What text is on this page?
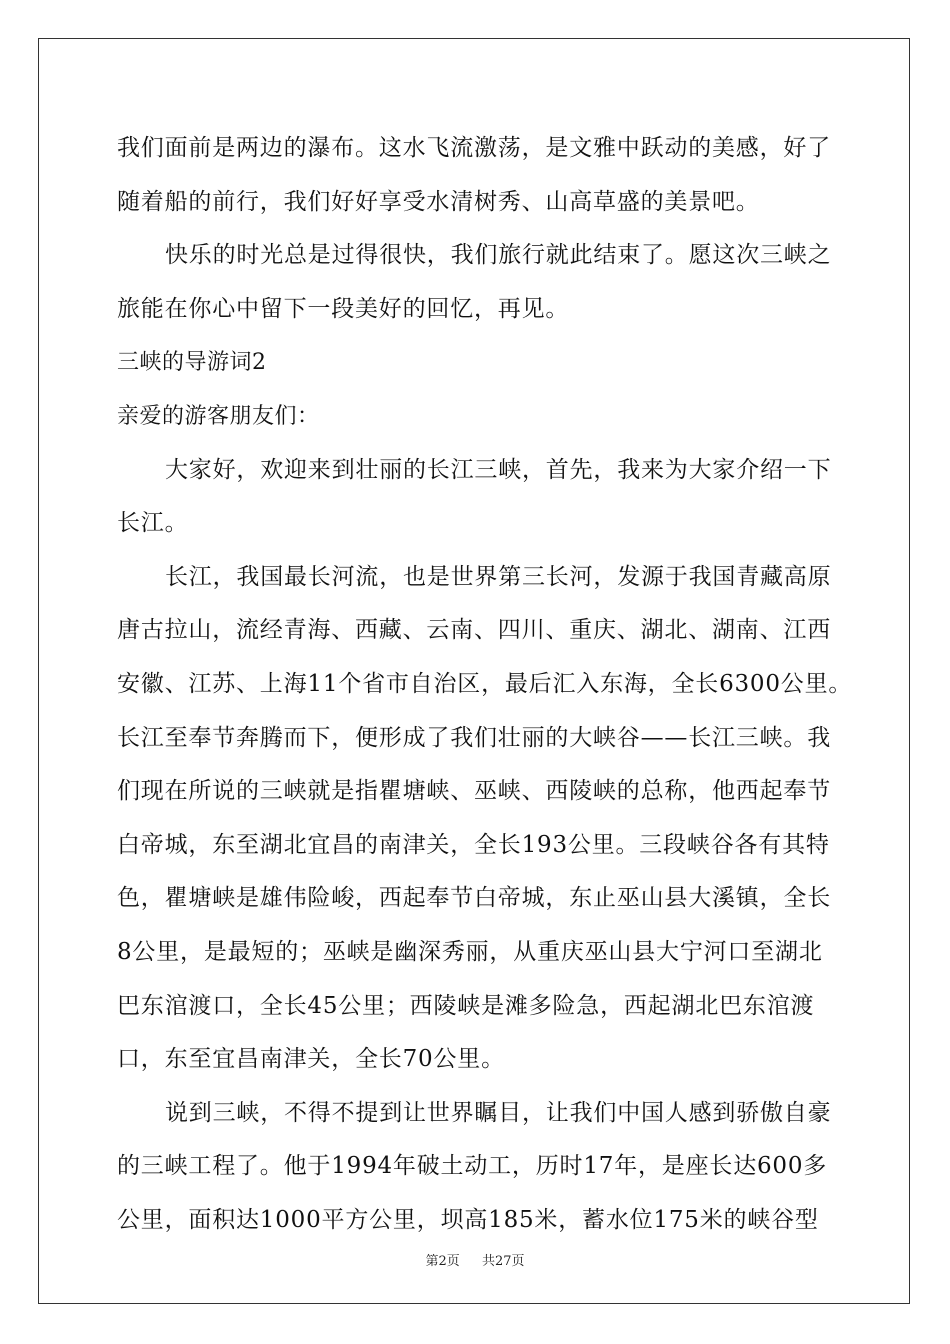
我们面前是两边的瀑布。这水飞流激荡，是文雅中跃动的美感，好了
随着船的前行，我们好好享受水清树秀、山高草盛的美景吧。
快乐的时光总是过得很快，我们旅行就此结束了。愿这次三峡之
旅能在你心中留下一段美好的回忆，再见。
三峡的导游词2
亲爱的游客朋友们：
大家好，欢迎来到壮丽的长江三峡，首先，我来为大家介绍一下
长江。
长江，我国最长河流，也是世界第三长河，发源于我国青藏高原
唐古拉山，流经青海、西藏、云南、四川、重庆、湖北、湖南、江西
安徽、江苏、上海11个省市自治区，最后汇入东海，全长6300公里。
长江至奉节奔腾而下，便形成了我们壮丽的大峡谷——长江三峡。我
们现在所说的三峡就是指瞿塘峡、巫峡、西陵峡的总称，他西起奉节
白帝城，东至湖北宜昌的南津关，全长193公里。三段峡谷各有其特
色，瞿塘峡是雄伟险峻，西起奉节白帝城，东止巫山县大溪镇，全长
8公里，是最短的；巫峡是幽深秀丽，从重庆巫山县大宁河口至湖北
巴东涫渡口，全长45公里；西陵峡是滩多险急，西起湖北巴东涫渡
口，东至宜昌南津关，全长70公里。
说到三峡，不得不提到让世界瞩目，让我们中国人感到骄傲自豪
的三峡工程了。他于1994年破土动工，历时17年，是座长达600多
公里，面积达1000平方公里，坝高185米，蓄水位175米的峡谷型
第2页 共27页
